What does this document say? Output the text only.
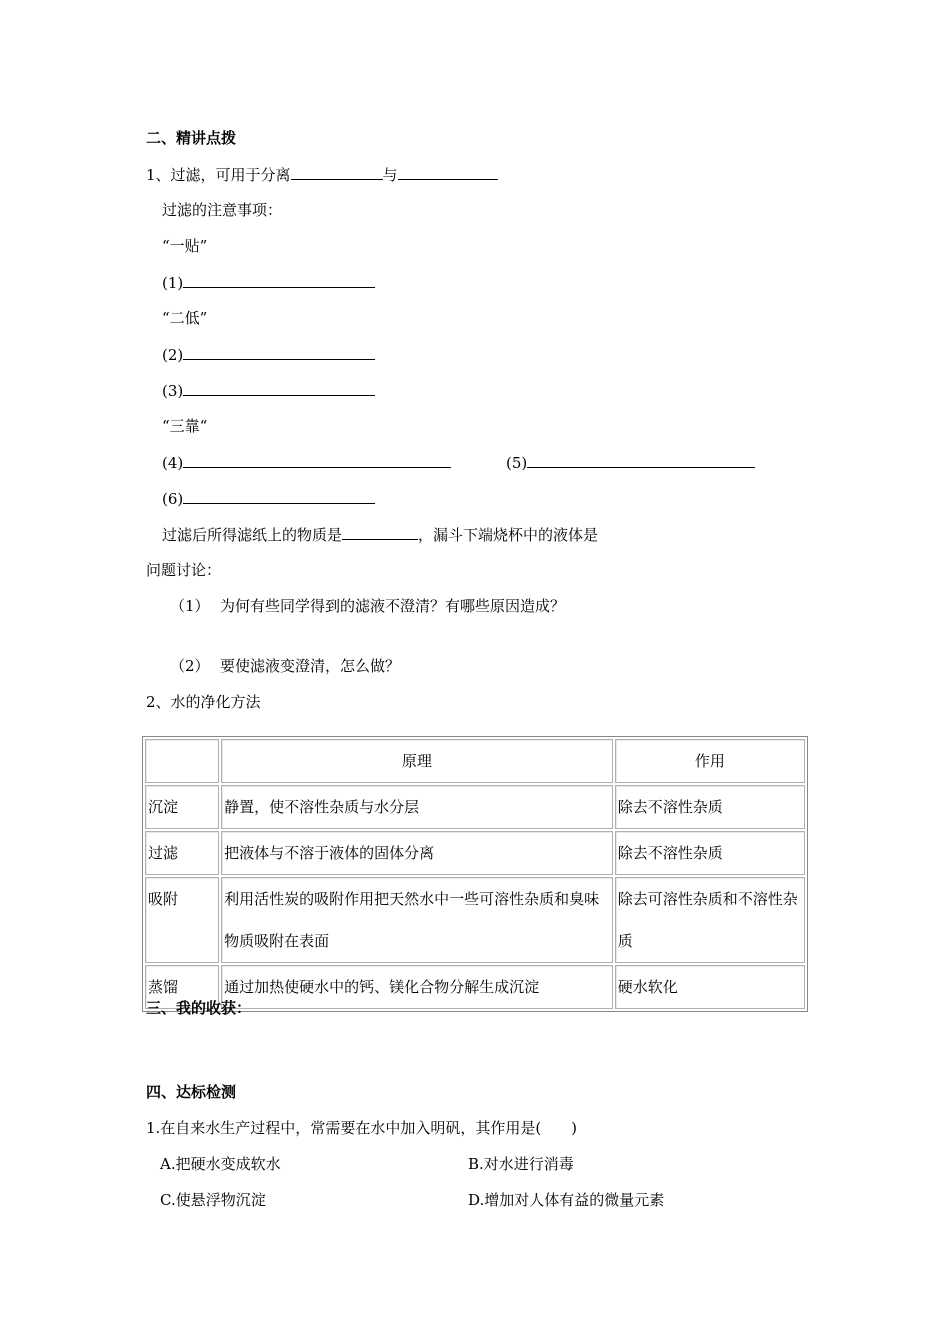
二、精讲点拨
1、过滤，可用于分离	与
过滤的注意事项：
“一贴”
(1)
“二低”
(2)
(3)
“三靠“
(4)	(5)
(6)
过滤后所得滤纸上的物质是	，漏斗下端烧杯中的液体是
问题讨论：
（1） 为何有些同学得到的滤液不澄清？有哪些原因造成？
（2） 要使滤液变澄清，怎么做？
2、水的净化方法
	原理	作用
沉淀	静置，使不溶性杂质与水分层	除去不溶性杂质
过滤	把液体与不溶于液体的固体分离	除去不溶性杂质
吸附	利用活性炭的吸附作用把天然水中一些可溶性杂质和臭味物质吸附在表面	除去可溶性杂质和不溶性杂质
蒸馏	通过加热使硬水中的钙、镁化合物分解生成沉淀	硬水软化
三、我的收获：
四、达标检测
1.在自来水生产过程中，常需要在水中加入明矾，其作用是(　　)
A.把硬水变成软水	B.对水进行消毒
C.使悬浮物沉淀	D.增加对人体有益的微量元素
